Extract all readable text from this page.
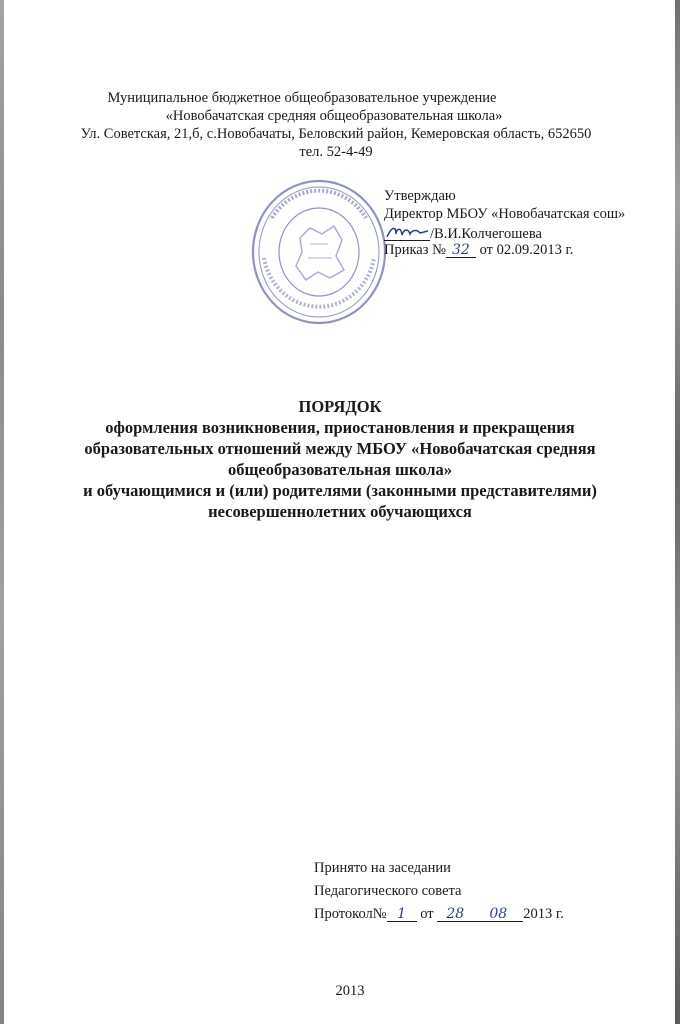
Муниципальное бюджетное общеобразовательное учреждение
«Новобачатская средняя общеобразовательная школа»
Ул. Советская, 21,б, с.Новобачаты, Беловский район, Кемеровская область, 652650
тел. 52-4-49
Утверждаю
Директор МБОУ «Новобачатская сош»
/В.И.Колчегошева
Приказ № 32 от 02.09.2013 г.
ПОРЯДОК
оформления возникновения, приостановления и прекращения
образовательных отношений между МБОУ «Новобачатская средняя
общеобразовательная школа»
и обучающимися и (или) родителями (законными представителями)
несовершеннолетних обучающихся
Принято на заседании
Педагогического совета
Протокол№ 1 от 28 08 2013 г.
2013
